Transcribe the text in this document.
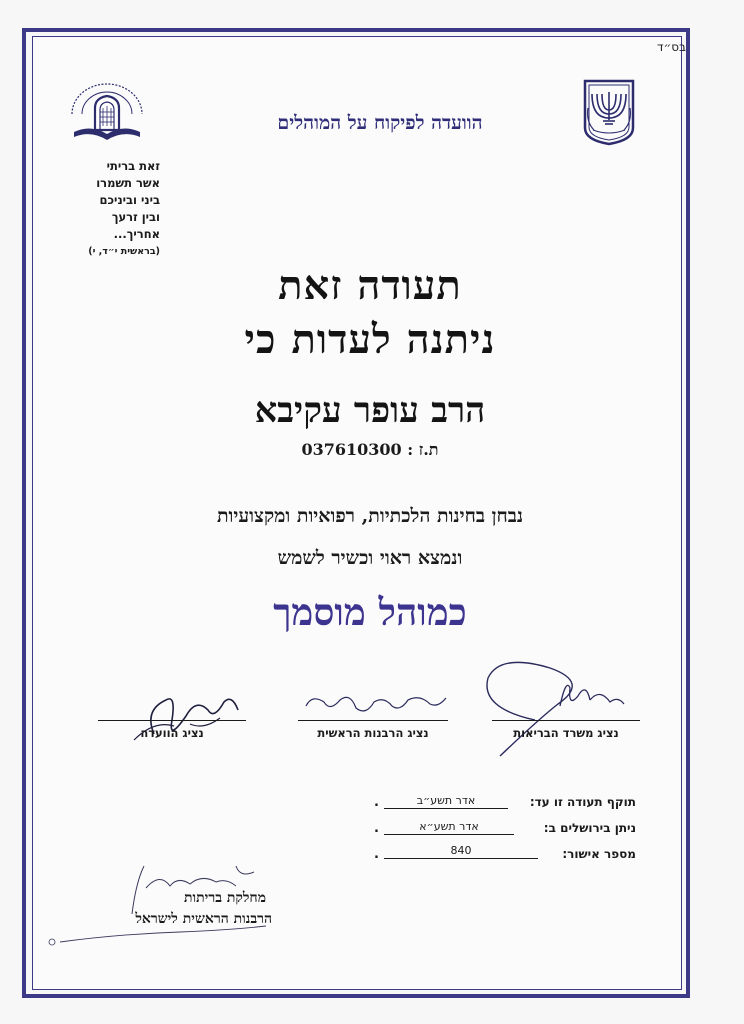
בס״ד
הוועדה לפיקוח על המוהלים
זאת בריתי
אשר תשמרו
ביני וביניכם
ובין זרעך
אחריך...
(בראשית י״ד, י)
תעודה זאת
ניתנה לעדות כי
הרב עופר עקיבא
ת.ז : 037610300
נבחן בחינות הלכתיות, רפואיות ומקצועיות
ונמצא ראוי וכשיר לשמש
כמוהל מוסמך
נציג משרד הבריאות
נציג הרבנות הראשית
נציג הוועדה
תוקף תעודה זו עד:
אדר תשע״ב
.
ניתן בירושלים ב:
אדר תשע״א
.
מספר אישור:
840
.
מחלקת בריתות
הרבנות הראשית לישראל
